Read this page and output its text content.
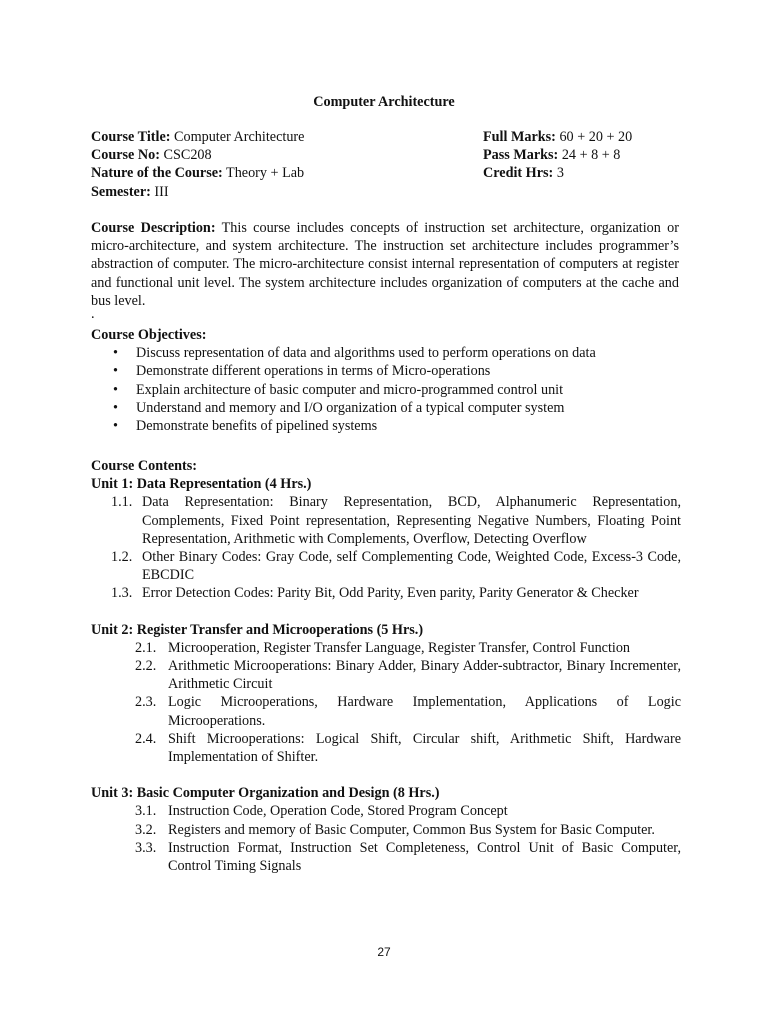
Computer Architecture
Course Title: Computer Architecture
Course No: CSC208
Nature of the Course: Theory + Lab
Semester: III
Full Marks: 60 + 20 + 20
Pass Marks: 24 + 8 + 8
Credit Hrs: 3
Course Description: This course includes concepts of instruction set architecture, organization or micro-architecture, and system architecture. The instruction set architecture includes programmer’s abstraction of computer. The micro-architecture consist internal representation of computers at register and functional unit level. The system architecture includes organization of computers at the cache and bus level.
.
Course Objectives:
• Discuss representation of data and algorithms used to perform operations on data
• Demonstrate different operations in terms of Micro-operations
• Explain architecture of basic computer and micro-programmed control unit
• Understand and memory and I/O organization of a typical computer system
• Demonstrate benefits of pipelined systems
Course Contents:
Unit 1: Data Representation (4 Hrs.)
1.1. Data Representation: Binary Representation, BCD, Alphanumeric Representation, Complements, Fixed Point representation, Representing Negative Numbers, Floating Point Representation, Arithmetic with Complements, Overflow, Detecting Overflow
1.2. Other Binary Codes: Gray Code, self Complementing Code, Weighted Code, Excess-3 Code, EBCDIC
1.3. Error Detection Codes: Parity Bit, Odd Parity, Even parity, Parity Generator & Checker
Unit 2: Register Transfer and Microoperations (5 Hrs.)
2.1. Microoperation, Register Transfer Language, Register Transfer, Control Function
2.2. Arithmetic Microoperations: Binary Adder, Binary Adder-subtractor, Binary Incrementer, Arithmetic Circuit
2.3. Logic Microoperations, Hardware Implementation, Applications of Logic Microoperations.
2.4. Shift Microoperations: Logical Shift, Circular shift, Arithmetic Shift, Hardware Implementation of Shifter.
Unit 3: Basic Computer Organization and Design (8 Hrs.)
3.1. Instruction Code, Operation Code, Stored Program Concept
3.2. Registers and memory of Basic Computer, Common Bus System for Basic Computer.
3.3. Instruction Format, Instruction Set Completeness, Control Unit of Basic Computer, Control Timing Signals
27
